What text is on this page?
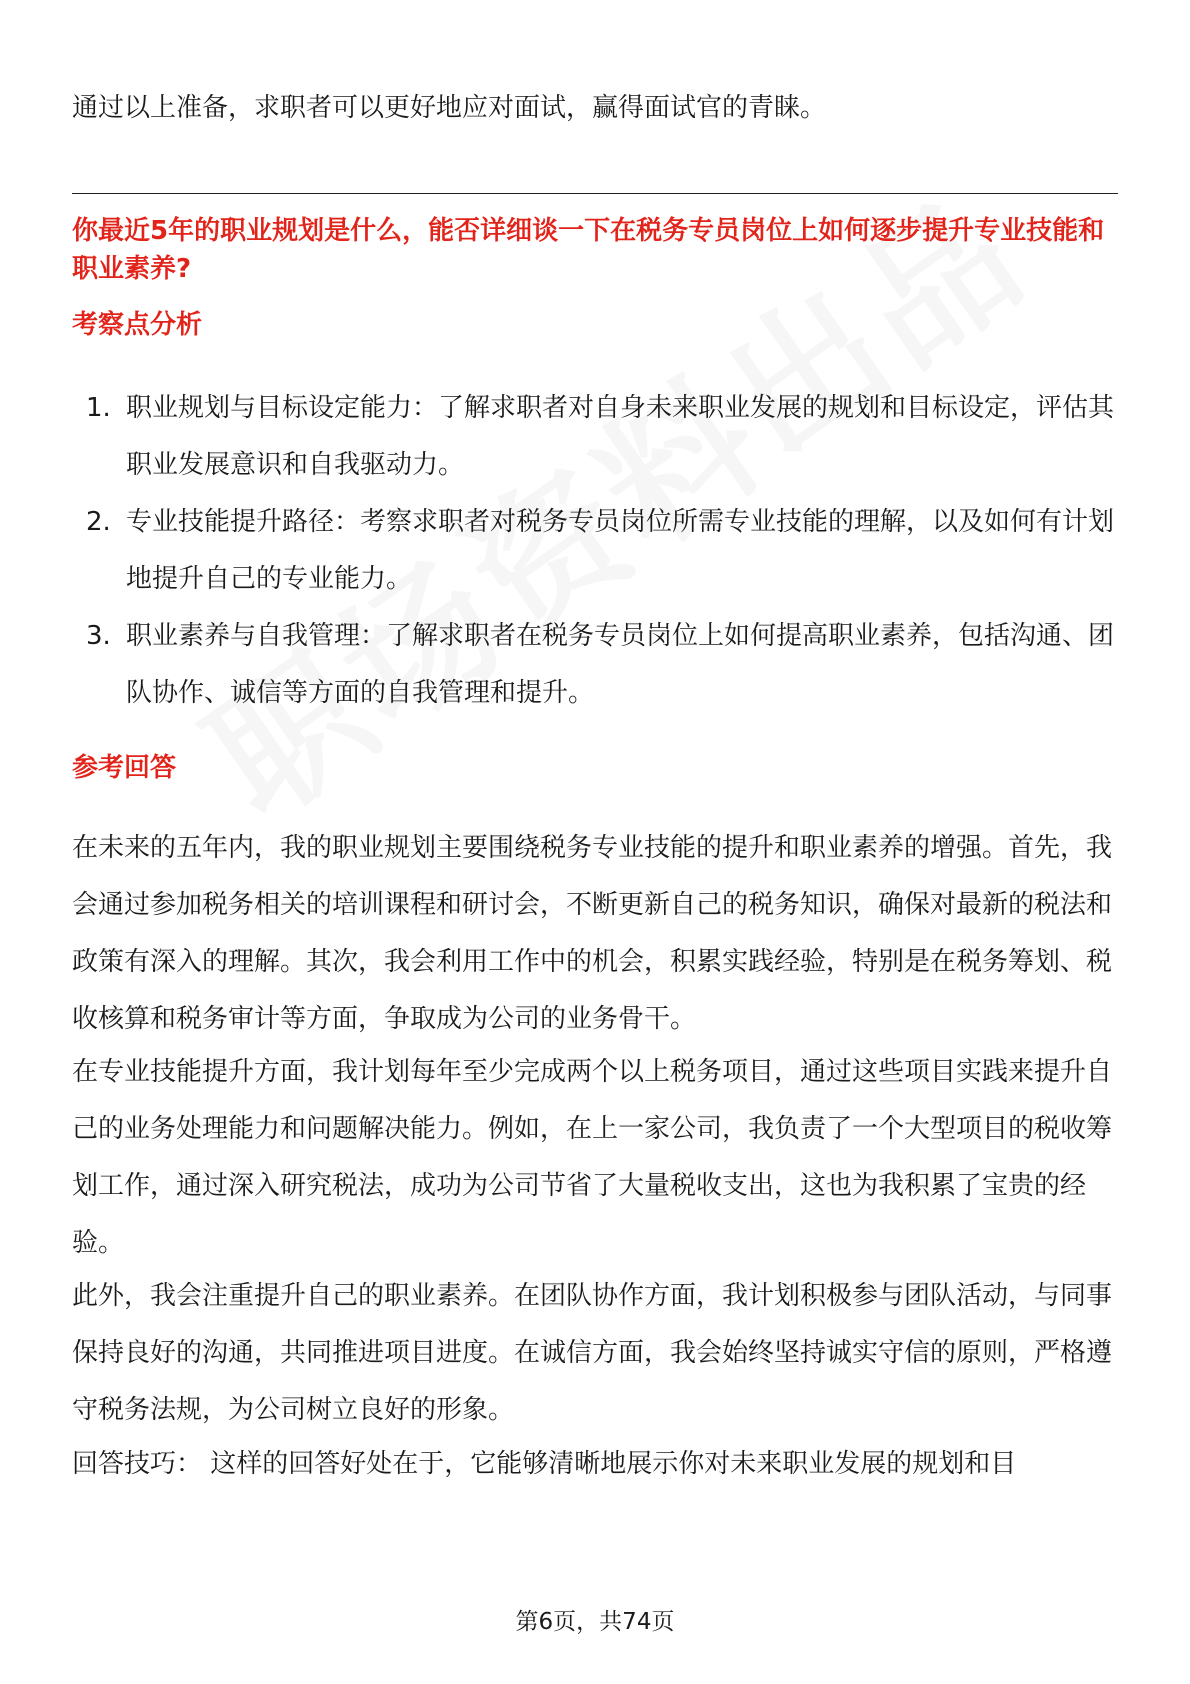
通过以上准备，求职者可以更好地应对面试，赢得面试官的青睐。

你最近5年的职业规划是什么，能否详细谈一下在税务专员岗位上如何逐步提升专业技能和职业素养?
考察点分析
1. 职业规划与目标设定能力：了解求职者对自身未来职业发展的规划和目标设定，评估其职业发展意识和自我驱动力。
2. 专业技能提升路径：考察求职者对税务专员岗位所需专业技能的理解，以及如何有计划地提升自己的专业能力。
3. 职业素养与自我管理：了解求职者在税务专员岗位上如何提高职业素养，包括沟通、团队协作、诚信等方面的自我管理和提升。
参考回答

在未来的五年内，我的职业规划主要围绕税务专业技能的提升和职业素养的增强。首先，我会通过参加税务相关的培训课程和研讨会，不断更新自己的税务知识，确保对最新的税法和政策有深入的理解。其次，我会利用工作中的机会，积累实践经验，特别是在税务筹划、税收核算和税务审计等方面，争取成为公司的业务骨干。

在专业技能提升方面，我计划每年至少完成两个以上税务项目，通过这些项目实践来提升自己的业务处理能力和问题解决能力。例如，在上一家公司，我负责了一个大型项目的税收筹划工作，通过深入研究税法，成功为公司节省了大量税收支出，这也为我积累了宝贵的经验。

此外，我会注重提升自己的职业素养。在团队协作方面，我计划积极参与团队活动，与同事保持良好的沟通，共同推进项目进度。在诚信方面，我会始终坚持诚实守信的原则，严格遵守税务法规，为公司树立良好的形象。

回答技巧： 这样的回答好处在于，它能够清晰地展示你对未来职业发展的规划和目

第6页，共74页
